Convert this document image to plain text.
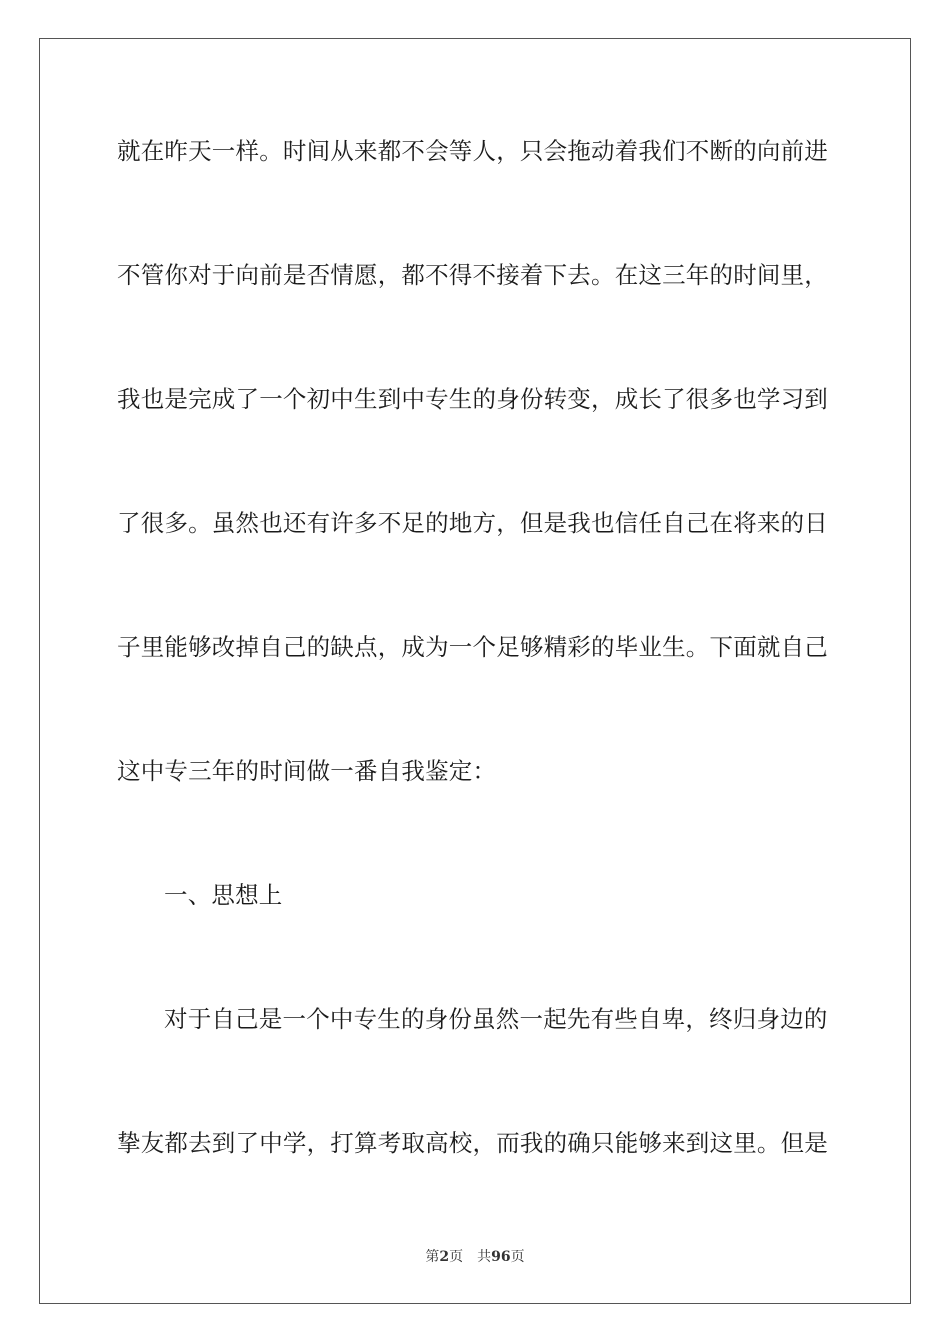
就在昨天一样。时间从来都不会等人，只会拖动着我们不断的向前进

不管你对于向前是否情愿，都不得不接着下去。在这三年的时间里，

我也是完成了一个初中生到中专生的身份转变，成长了很多也学习到

了很多。虽然也还有许多不足的地方，但是我也信任自己在将来的日

子里能够改掉自己的缺点，成为一个足够精彩的毕业生。下面就自己

这中专三年的时间做一番自我鉴定：

一、思想上

对于自己是一个中专生的身份虽然一起先有些自卑，终归身边的

挚友都去到了中学，打算考取高校，而我的确只能够来到这里。但是

第2页 共96页
